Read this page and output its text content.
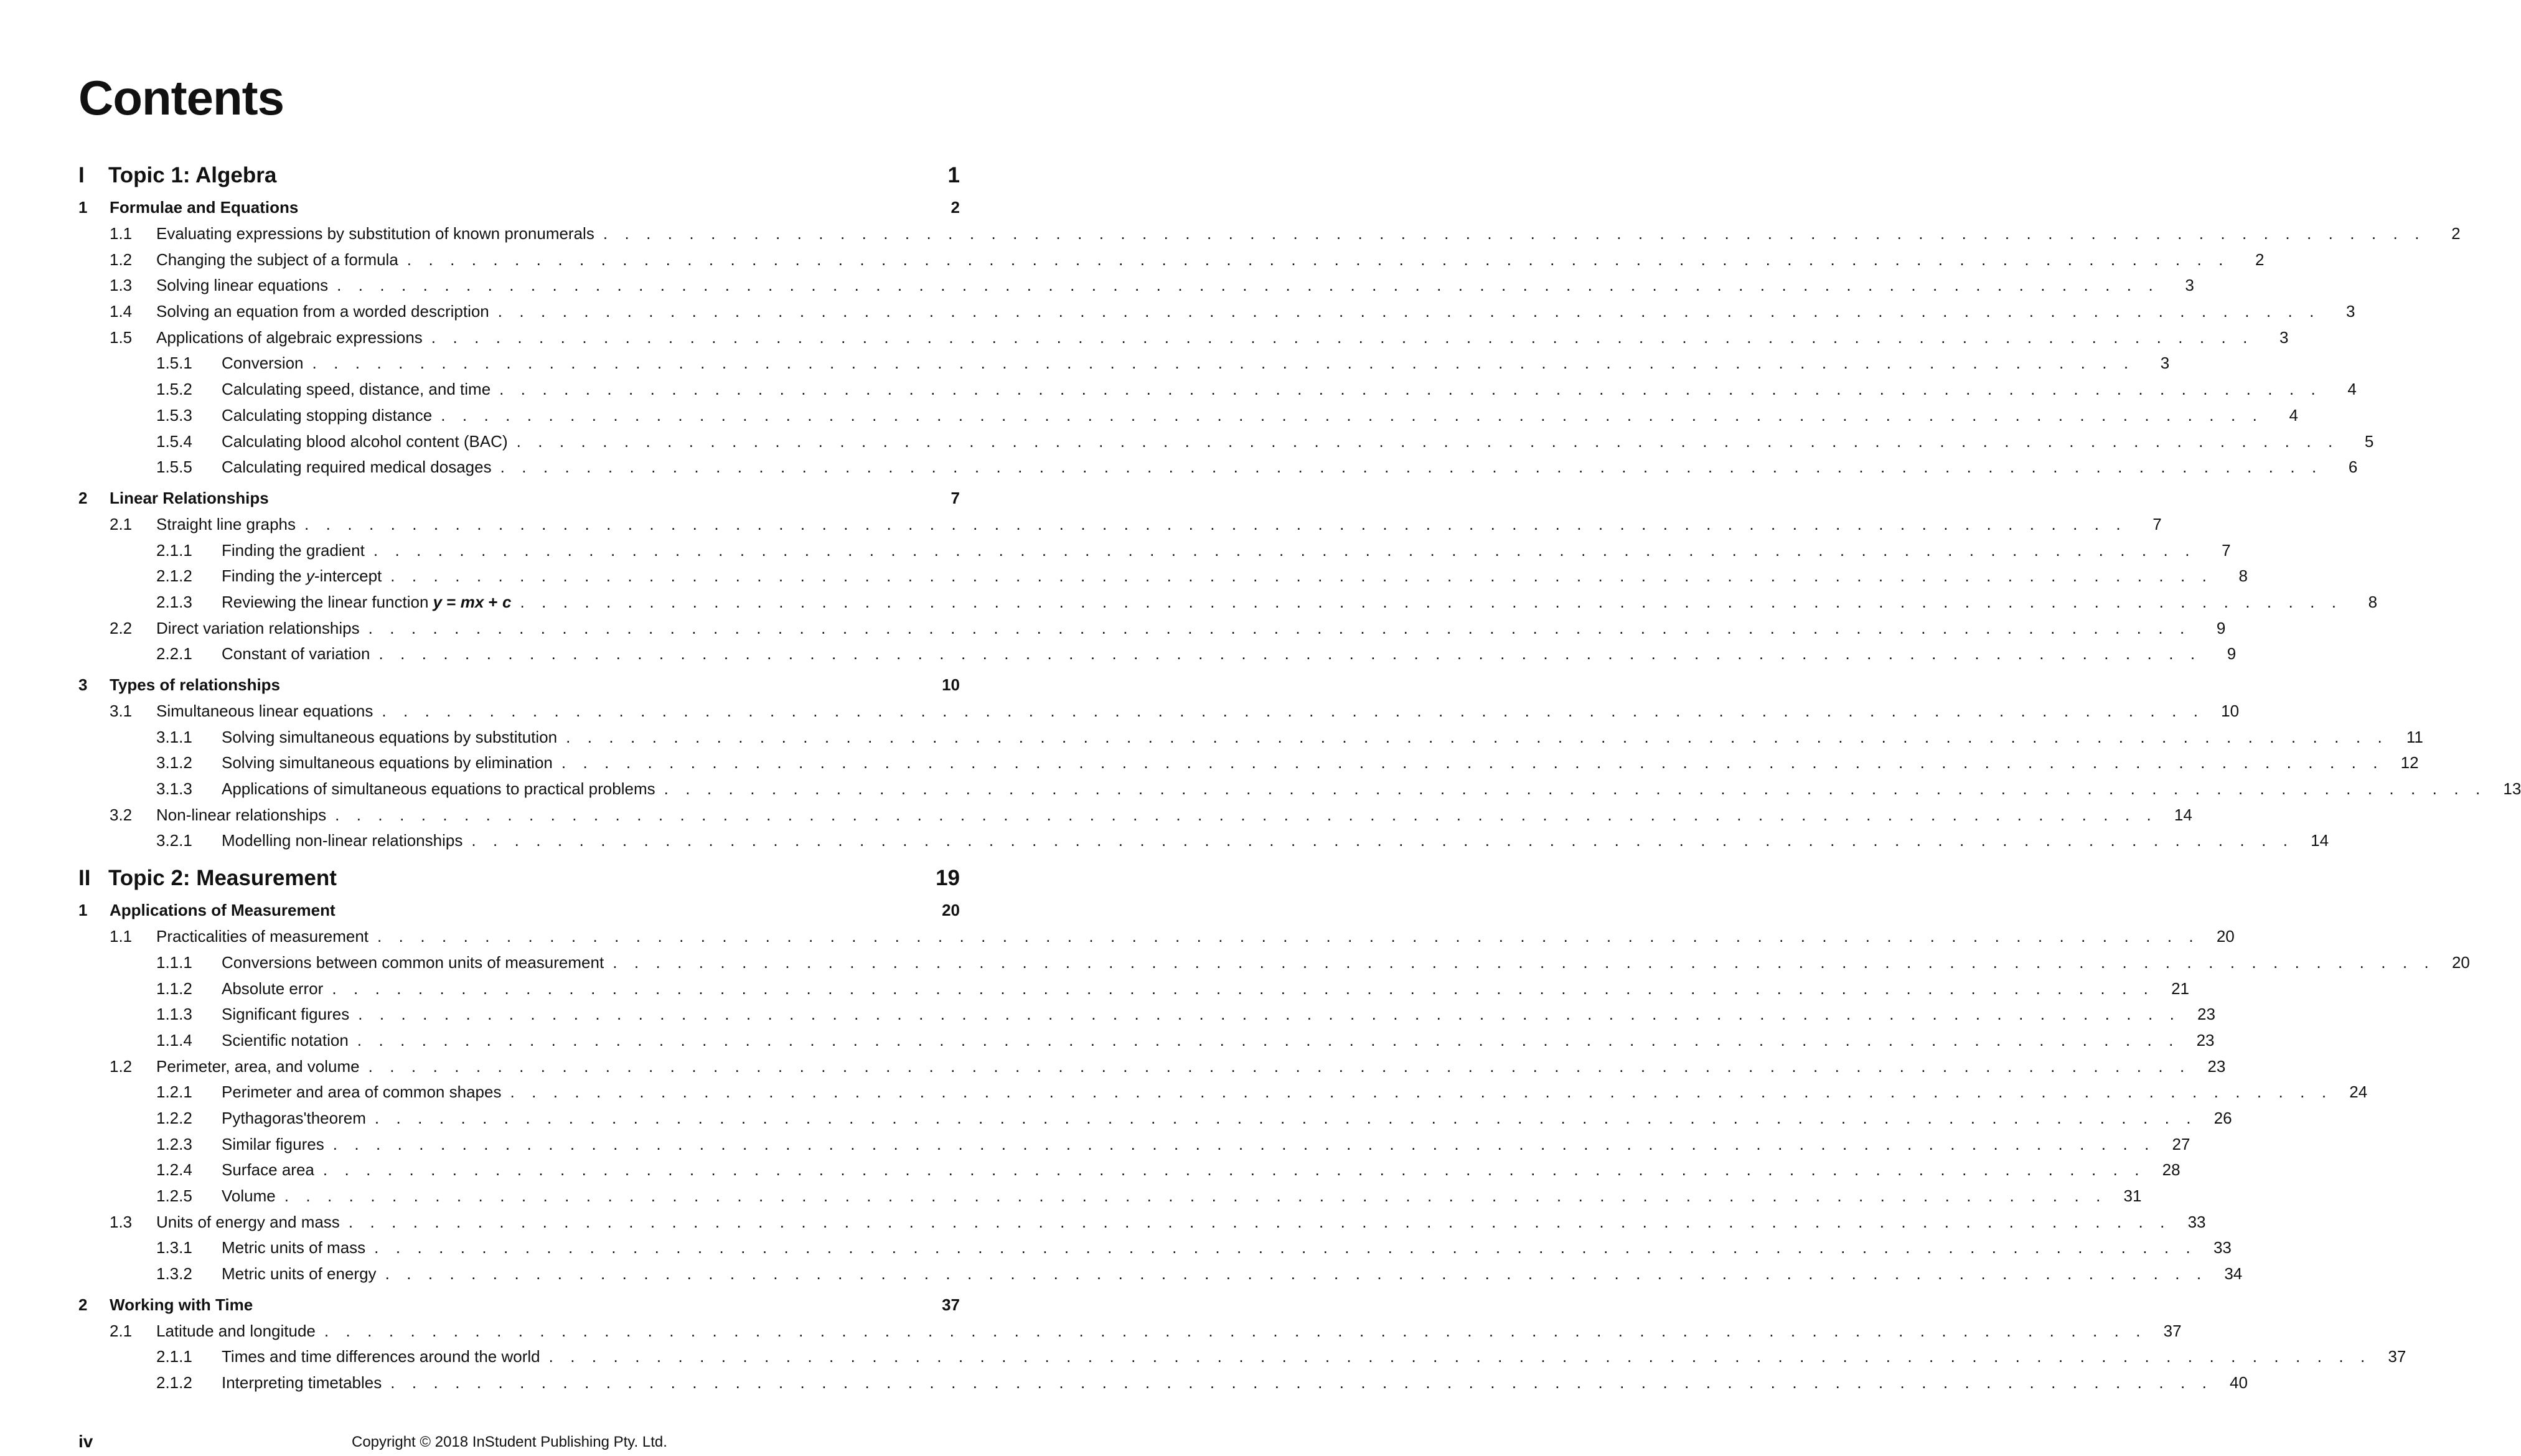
Contents
I	Topic 1: Algebra	1
1	Formulae and Equations	2
1.1	Evaluating expressions by substitution of known pronumerals . . . . . . . . . . . . . . . . . . . . . . . . . . . . . . . . . . . . . . . . . . . . . . . . . . . . . . . . . . . . . . . . . . . . . . . . . . . . . . . . . . . . .	2
1.2	Changing the subject of a formula . . . . . . . . . . . . . . . . . . . . . . . . . . . . . . . . . . . . . . . . . . . . . . . . . . . . . . . . . . . . . . . . . . . . . . . . . . . . . . . . . . . . .	2
1.3	Solving linear equations . . . . . . . . . . . . . . . . . . . . . . . . . . . . . . . . . . . . . . . . . . . . . . . . . . . . . . . . . . . . . . . . . . . . . . . . . . . . . . . . . . . . .	3
1.4	Solving an equation from a worded description . . . . . . . . . . . . . . . . . . . . . . . . . . . . . . . . . . . . . . . . . . . . . . . . . . . . . . . . . . . . . . . . . . . . . . . . . . . . . . . . . . . . .	3
1.5	Applications of algebraic expressions . . . . . . . . . . . . . . . . . . . . . . . . . . . . . . . . . . . . . . . . . . . . . . . . . . . . . . . . . . . . . . . . . . . . . . . . . . . . . . . . . . . . .	3
1.5.1	Conversion . . . . . . . . . . . . . . . . . . . . . . . . . . . . . . . . . . . . . . . . . . . . . . . . . . . . . . . . . . . . . . . . . . . . . . . . . . . . . . . . . . . . .	3
1.5.2	Calculating speed, distance, and time . . . . . . . . . . . . . . . . . . . . . . . . . . . . . . . . . . . . . . . . . . . . . . . . . . . . . . . . . . . . . . . . . . . . . . . . . . . . . . . . . . . . .	4
1.5.3	Calculating stopping distance . . . . . . . . . . . . . . . . . . . . . . . . . . . . . . . . . . . . . . . . . . . . . . . . . . . . . . . . . . . . . . . . . . . . . . . . . . . . . . . . . . . . .	4
1.5.4	Calculating blood alcohol content (BAC) . . . . . . . . . . . . . . . . . . . . . . . . . . . . . . . . . . . . . . . . . . . . . . . . . . . . . . . . . . . . . . . . . . . . . . . . . . . . . . . . . . . . .	5
1.5.5	Calculating required medical dosages . . . . . . . . . . . . . . . . . . . . . . . . . . . . . . . . . . . . . . . . . . . . . . . . . . . . . . . . . . . . . . . . . . . . . . . . . . . . . . . . . . . . .	6
2	Linear Relationships	7
2.1	Straight line graphs . . . . . . . . . . . . . . . . . . . . . . . . . . . . . . . . . . . . . . . . . . . . . . . . . . . . . . . . . . . . . . . . . . . . . . . . . . . . . . . . . . . . .	7
2.1.1	Finding the gradient . . . . . . . . . . . . . . . . . . . . . . . . . . . . . . . . . . . . . . . . . . . . . . . . . . . . . . . . . . . . . . . . . . . . . . . . . . . . . . . . . . . . .	7
2.1.2	Finding the y-intercept . . . . . . . . . . . . . . . . . . . . . . . . . . . . . . . . . . . . . . . . . . . . . . . . . . . . . . . . . . . . . . . . . . . . . . . . . . . . . . . . . . . . .	8
2.1.3	Reviewing the linear function y = mx + c . . . . . . . . . . . . . . . . . . . . . . . . . . . . . . . . . . . . . . . . . . . . . . . . . . . . . . . . . . . . . . . . . . . . . . . . . . . . . . . . . . . . .	8
2.2	Direct variation relationships . . . . . . . . . . . . . . . . . . . . . . . . . . . . . . . . . . . . . . . . . . . . . . . . . . . . . . . . . . . . . . . . . . . . . . . . . . . . . . . . . . . . .	9
2.2.1	Constant of variation . . . . . . . . . . . . . . . . . . . . . . . . . . . . . . . . . . . . . . . . . . . . . . . . . . . . . . . . . . . . . . . . . . . . . . . . . . . . . . . . . . . . .	9
3	Types of relationships	10
3.1	Simultaneous linear equations . . . . . . . . . . . . . . . . . . . . . . . . . . . . . . . . . . . . . . . . . . . . . . . . . . . . . . . . . . . . . . . . . . . . . . . . . . . . . . . . . . . . . 10
3.1.1	Solving simultaneous equations by substitution . . . . . . . . . . . . . . . . . . . . . . . . . . . . . . . . . . . . . . . . . . . . . . . . . . . . . . . . . . . . . . . . . . . . . . . . . . . . . . . . . . . . . 11
3.1.2	Solving simultaneous equations by elimination . . . . . . . . . . . . . . . . . . . . . . . . . . . . . . . . . . . . . . . . . . . . . . . . . . . . . . . . . . . . . . . . . . . . . . . . . . . . . . . . . . . . . 12
3.1.3	Applications of simultaneous equations to practical problems . . . . . . . . . . . . . . . . . . . . . . . . . . . . . . . . . . . . . . . . . . . . . . . . . . . . . . . . . . . . . . . . . . . . . . . . . . . . . . . . . . . . . 13
3.2	Non-linear relationships . . . . . . . . . . . . . . . . . . . . . . . . . . . . . . . . . . . . . . . . . . . . . . . . . . . . . . . . . . . . . . . . . . . . . . . . . . . . . . . . . . . . . 14
3.2.1	Modelling non-linear relationships . . . . . . . . . . . . . . . . . . . . . . . . . . . . . . . . . . . . . . . . . . . . . . . . . . . . . . . . . . . . . . . . . . . . . . . . . . . . . . . . . . . . . 14
II Topic 2: Measurement	19
1	Applications of Measurement	20
1.1	Practicalities of measurement . . . . . . . . . . . . . . . . . . . . . . . . . . . . . . . . . . . . . . . . . . . . . . . . . . . . . . . . . . . . . . . . . . . . . . . . . . . . . . . . . . . . . 20
1.1.1	Conversions between common units of measurement . . . . . . . . . . . . . . . . . . . . . . . . . . . . . . . . . . . . . . . . . . . . . . . . . . . . . . . . . . . . . . . . . . . . . . . . . . . . . . . . . . . . . 20
1.1.2	Absolute error . . . . . . . . . . . . . . . . . . . . . . . . . . . . . . . . . . . . . . . . . . . . . . . . . . . . . . . . . . . . . . . . . . . . . . . . . . . . . . . . . . . . . 21
1.1.3	Significant figures . . . . . . . . . . . . . . . . . . . . . . . . . . . . . . . . . . . . . . . . . . . . . . . . . . . . . . . . . . . . . . . . . . . . . . . . . . . . . . . . . . . . . 23
1.1.4	Scientific notation . . . . . . . . . . . . . . . . . . . . . . . . . . . . . . . . . . . . . . . . . . . . . . . . . . . . . . . . . . . . . . . . . . . . . . . . . . . . . . . . . . . . . 23
1.2	Perimeter, area, and volume . . . . . . . . . . . . . . . . . . . . . . . . . . . . . . . . . . . . . . . . . . . . . . . . . . . . . . . . . . . . . . . . . . . . . . . . . . . . . . . . . . . . . 23
1.2.1	Perimeter and area of common shapes . . . . . . . . . . . . . . . . . . . . . . . . . . . . . . . . . . . . . . . . . . . . . . . . . . . . . . . . . . . . . . . . . . . . . . . . . . . . . . . . . . . . . 24
1.2.2	Pythagoras'theorem . . . . . . . . . . . . . . . . . . . . . . . . . . . . . . . . . . . . . . . . . . . . . . . . . . . . . . . . . . . . . . . . . . . . . . . . . . . . . . . . . . . . . 26
1.2.3	Similar figures . . . . . . . . . . . . . . . . . . . . . . . . . . . . . . . . . . . . . . . . . . . . . . . . . . . . . . . . . . . . . . . . . . . . . . . . . . . . . . . . . . . . . 27
1.2.4	Surface area . . . . . . . . . . . . . . . . . . . . . . . . . . . . . . . . . . . . . . . . . . . . . . . . . . . . . . . . . . . . . . . . . . . . . . . . . . . . . . . . . . . . . 28
1.2.5	Volume . . . . . . . . . . . . . . . . . . . . . . . . . . . . . . . . . . . . . . . . . . . . . . . . . . . . . . . . . . . . . . . . . . . . . . . . . . . . . . . . . . . . . 31
1.3	Units of energy and mass . . . . . . . . . . . . . . . . . . . . . . . . . . . . . . . . . . . . . . . . . . . . . . . . . . . . . . . . . . . . . . . . . . . . . . . . . . . . . . . . . . . . . 33
1.3.1	Metric units of mass . . . . . . . . . . . . . . . . . . . . . . . . . . . . . . . . . . . . . . . . . . . . . . . . . . . . . . . . . . . . . . . . . . . . . . . . . . . . . . . . . . . . . 33
1.3.2	Metric units of energy . . . . . . . . . . . . . . . . . . . . . . . . . . . . . . . . . . . . . . . . . . . . . . . . . . . . . . . . . . . . . . . . . . . . . . . . . . . . . . . . . . . . . 34
2	Working with Time	37
2.1	Latitude and longitude . . . . . . . . . . . . . . . . . . . . . . . . . . . . . . . . . . . . . . . . . . . . . . . . . . . . . . . . . . . . . . . . . . . . . . . . . . . . . . . . . . . . . 37
2.1.1	Times and time differences around the world . . . . . . . . . . . . . . . . . . . . . . . . . . . . . . . . . . . . . . . . . . . . . . . . . . . . . . . . . . . . . . . . . . . . . . . . . . . . . . . . . . . . . 37
2.1.2	Interpreting timetables . . . . . . . . . . . . . . . . . . . . . . . . . . . . . . . . . . . . . . . . . . . . . . . . . . . . . . . . . . . . . . . . . . . . . . . . . . . . . . . . . . . . . 40
iv	Copyright © 2018 InStudent Publishing Pty. Ltd.
